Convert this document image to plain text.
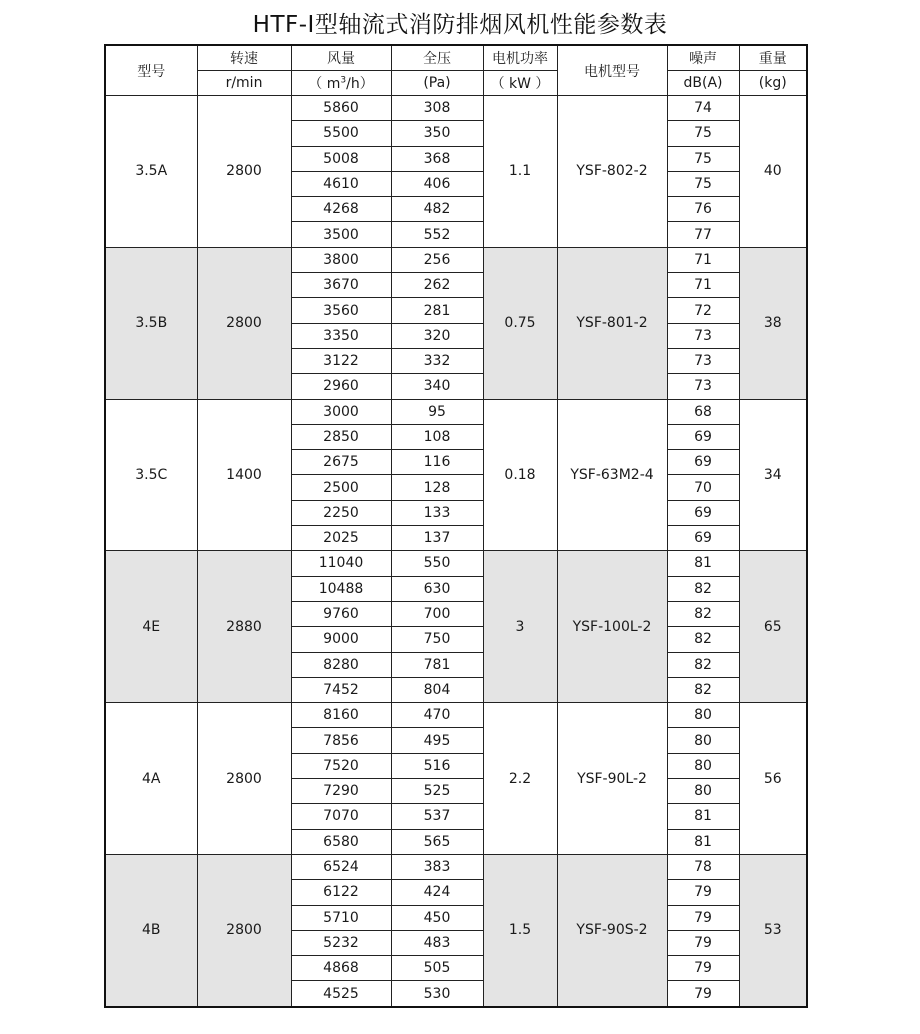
HTF-I型轴流式消防排烟风机性能参数表
型号	转速	风量	全压	电机功率	电机型号	噪声	重量
	r/min	（ $m^3/h$）	(Pa)	（ kW ）		dB(A)	(kg)
3.5A	2800	5860	308	1.1	YSF-802-2	74	40
		5500	350			75	
		5008	368			75	
		4610	406			75	
		4268	482			76	
		3500	552			77	
3.5B	2800	3800	256	0.75	YSF-801-2	71	38
		3670	262			71	
		3560	281			72	
		3350	320			73	
		3122	332			73	
		2960	340			73	
3.5C	1400	3000	95	0.18	YSF-63M2-4	68	34
		2850	108			69	
		2675	116			69	
		2500	128			70	
		2250	133			69	
		2025	137			69	
4E	2880	11040	550	3	YSF-100L-2	81	65
		10488	630			82	
		9760	700			82	
		9000	750			82	
		8280	781			82	
		7452	804			82	
4A	2800	8160	470	2.2	YSF-90L-2	80	56
		7856	495			80	
		7520	516			80	
		7290	525			80	
		7070	537			81	
		6580	565			81	
4B	2800	6524	383	1.5	YSF-90S-2	78	53
		6122	424			79	
		5710	450			79	
		5232	483			79	
		4868	505			79	
		4525	530			79	
